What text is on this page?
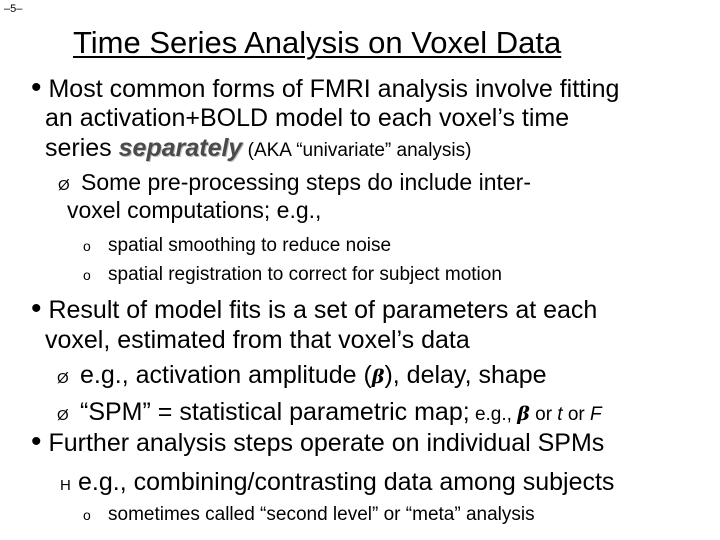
–5–
Time Series Analysis on Voxel Data
• Most common forms of FMRI analysis involve fitting
an activation+BOLD model to each voxel’s time
series separately (AKA “univariate” analysis)
Ø Some pre-processing steps do include inter-
voxel computations; e.g.,
o spatial smoothing to reduce noise
o spatial registration to correct for subject motion
• Result of model fits is a set of parameters at each
voxel, estimated from that voxel’s data
Ø e.g., activation amplitude (β), delay, shape
Ø “SPM” = statistical parametric map; e.g., β or t or F
• Further analysis steps operate on individual SPMs
H e.g., combining/contrasting data among subjects
o sometimes called “second level” or “meta” analysis
